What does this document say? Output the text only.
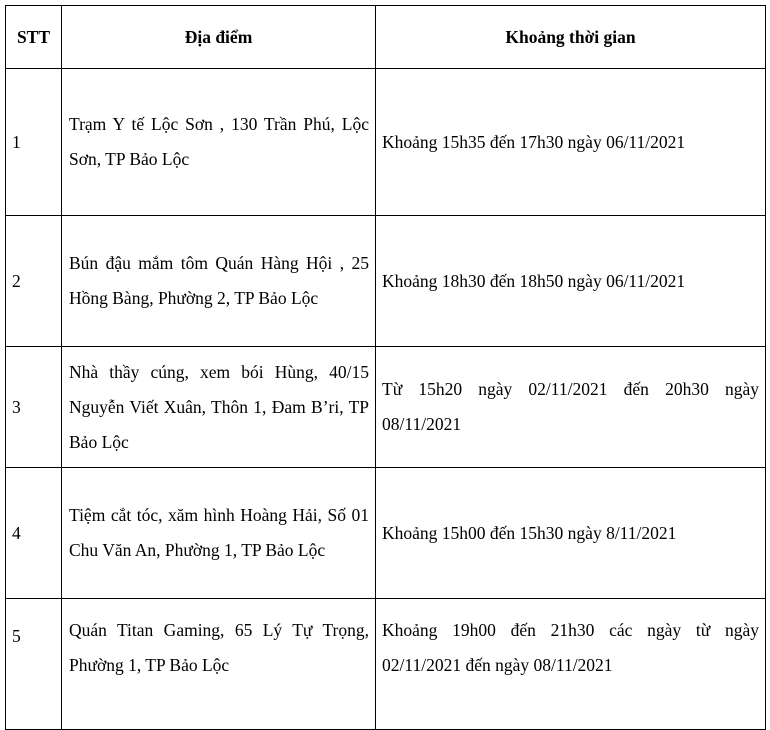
STT	Địa điểm	Khoảng thời gian
1	Trạm Y tế Lộc Sơn , 130 Trần Phú, Lộc Sơn, TP Bảo Lộc	Khoảng 15h35 đến 17h30 ngày 06/11/2021
2	Bún đậu mắm tôm Quán Hàng Hội , 25 Hồng Bàng, Phường 2, TP Bảo Lộc	Khoảng 18h30 đến 18h50 ngày 06/11/2021
3	Nhà thầy cúng, xem bói Hùng, 40/15 Nguyễn Viết Xuân, Thôn 1, Đam B’ri, TP Bảo Lộc	Từ 15h20 ngày 02/11/2021 đến 20h30 ngày 08/11/2021
4	Tiệm cắt tóc, xăm hình Hoàng Hải, Số 01 Chu Văn An, Phường 1, TP Bảo Lộc	Khoảng 15h00 đến 15h30 ngày 8/11/2021
5	Quán Titan Gaming, 65 Lý Tự Trọng, Phường 1, TP Bảo Lộc	Khoảng 19h00 đến 21h30 các ngày từ ngày 02/11/2021 đến ngày 08/11/2021
